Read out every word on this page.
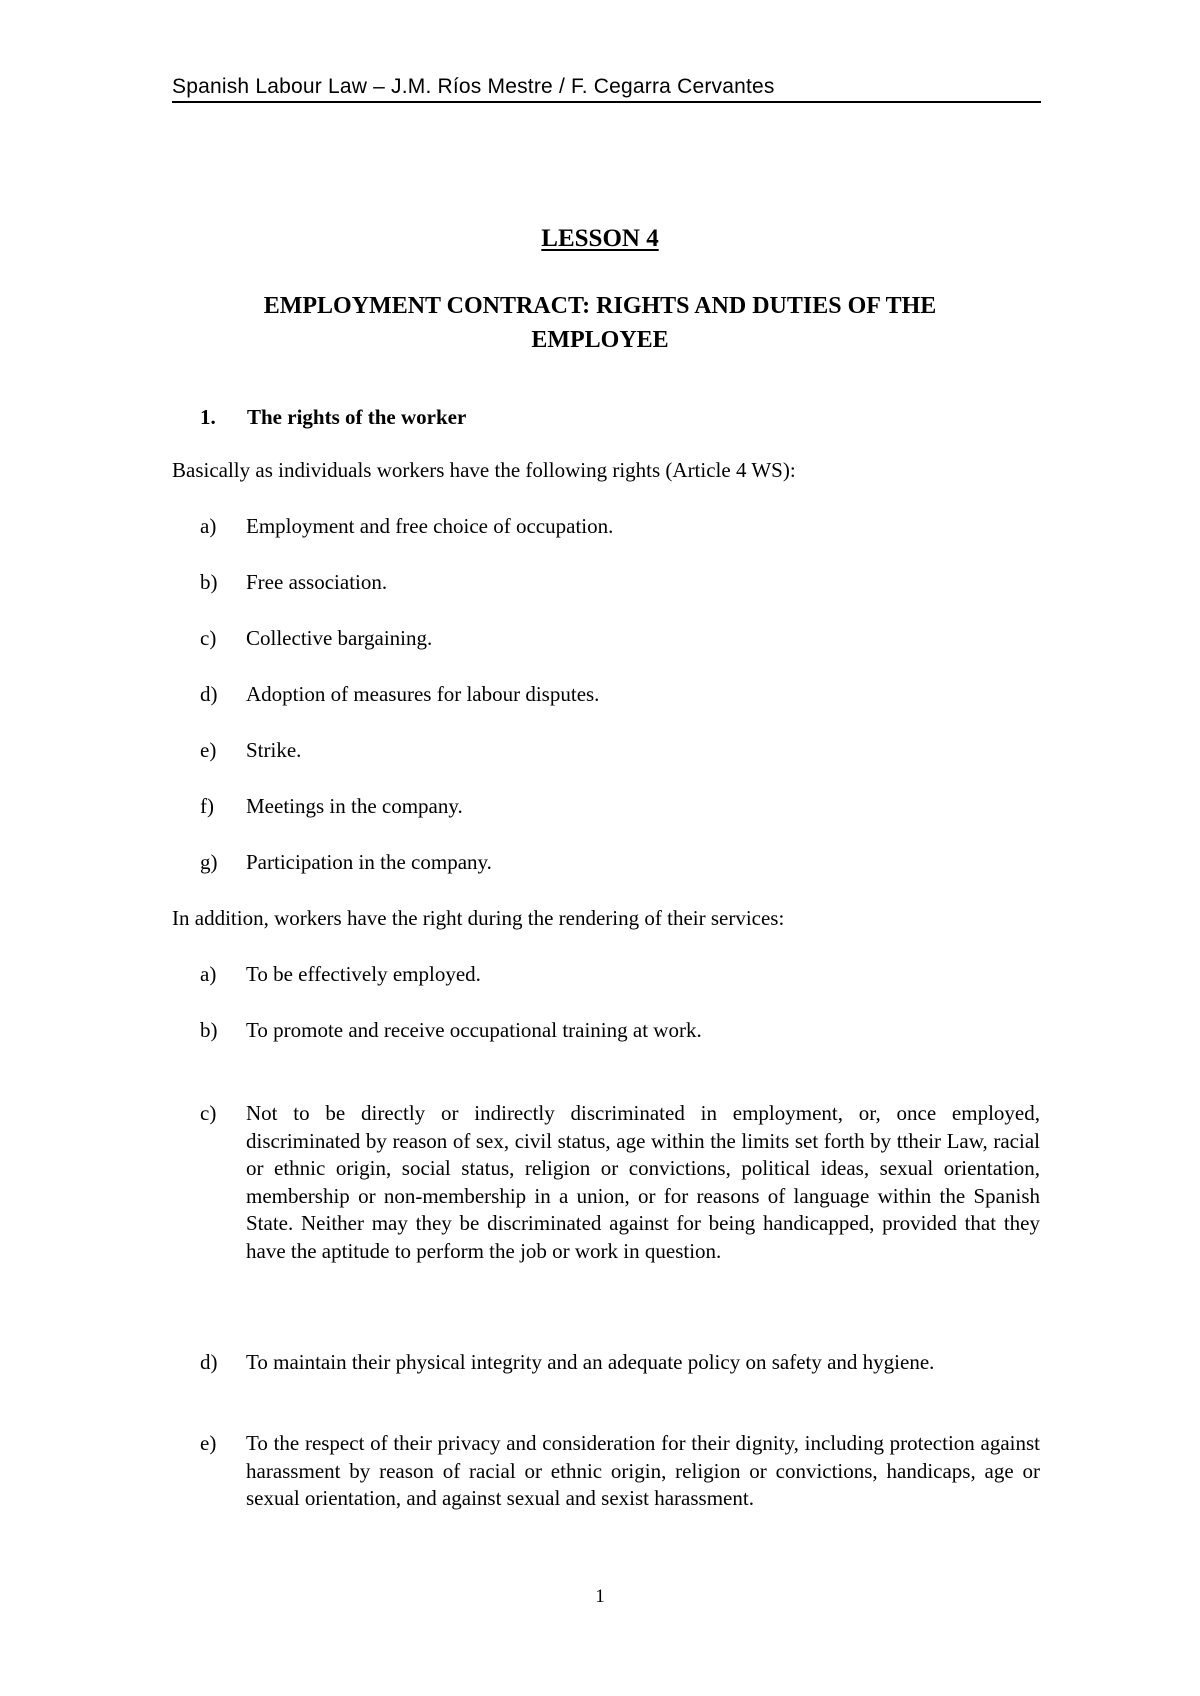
Spanish Labour Law – J.M. Ríos Mestre / F. Cegarra Cervantes
LESSON 4
EMPLOYMENT CONTRACT: RIGHTS AND DUTIES OF THE EMPLOYEE
1. The rights of the worker
Basically as individuals workers have the following rights (Article 4 WS):
a) Employment and free choice of occupation.
b) Free association.
c) Collective bargaining.
d) Adoption of measures for labour disputes.
e) Strike.
f) Meetings in the company.
g) Participation in the company.
In addition, workers have the right during the rendering of their services:
a) To be effectively employed.
b) To promote and receive occupational training at work.
c) Not to be directly or indirectly discriminated in employment, or, once employed, discriminated by reason of sex, civil status, age within the limits set forth by ttheir Law, racial or ethnic origin, social status, religion or convictions, political ideas, sexual orientation, membership or non-membership in a union, or for reasons of language within the Spanish State. Neither may they be discriminated against for being handicapped, provided that they have the aptitude to perform the job or work in question.
d) To maintain their physical integrity and an adequate policy on safety and hygiene.
e) To the respect of their privacy and consideration for their dignity, including protection against harassment by reason of racial or ethnic origin, religion or convictions, handicaps, age or sexual orientation, and against sexual and sexist harassment.
1
